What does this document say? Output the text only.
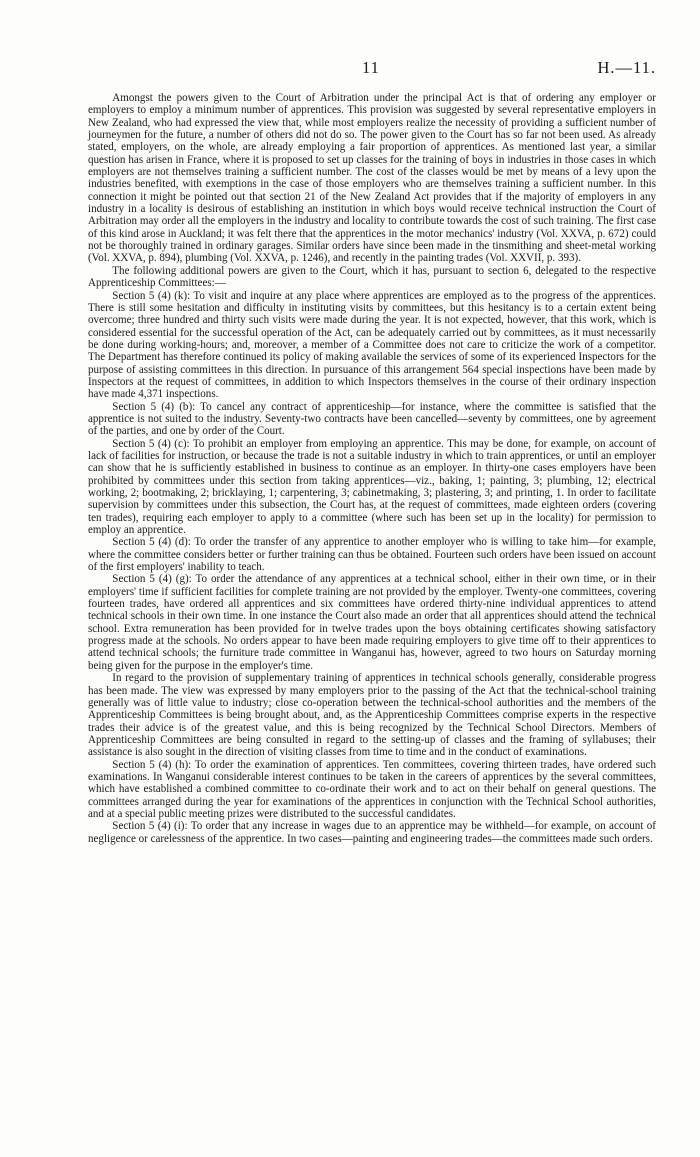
11	H.—11.

Amongst the powers given to the Court of Arbitration under the principal Act is that of ordering any employer or employers to employ a minimum number of apprentices. This provision was suggested by several representative employers in New Zealand, who had expressed the view that, while most employers realize the necessity of providing a sufficient number of journeymen for the future, a number of others did not do so. The power given to the Court has so far not been used. As already stated, employers, on the whole, are already employing a fair proportion of apprentices. As mentioned last year, a similar question has arisen in France, where it is proposed to set up classes for the training of boys in industries in those cases in which employers are not themselves training a sufficient number. The cost of the classes would be met by means of a levy upon the industries benefited, with exemptions in the case of those employers who are themselves training a sufficient number. In this connection it might be pointed out that section 21 of the New Zealand Act provides that if the majority of employers in any industry in a locality is desirous of establishing an institution in which boys would receive technical instruction the Court of Arbitration may order all the employers in the industry and locality to contribute towards the cost of such training. The first case of this kind arose in Auckland; it was felt there that the apprentices in the motor mechanics' industry (Vol. XXVA, p. 672) could not be thoroughly trained in ordinary garages. Similar orders have since been made in the tinsmithing and sheet-metal working (Vol. XXVA, p. 894), plumbing (Vol. XXVA, p. 1246), and recently in the painting trades (Vol. XXVII, p. 393).

The following additional powers are given to the Court, which it has, pursuant to section 6, delegated to the respective Apprenticeship Committees:—

Section 5 (4) (k): To visit and inquire at any place where apprentices are employed as to the progress of the apprentices. There is still some hesitation and difficulty in instituting visits by committees, but this hesitancy is to a certain extent being overcome; three hundred and thirty such visits were made during the year. It is not expected, however, that this work, which is considered essential for the successful operation of the Act, can be adequately carried out by committees, as it must necessarily be done during working-hours; and, moreover, a member of a Committee does not care to criticize the work of a competitor. The Department has therefore continued its policy of making available the services of some of its experienced Inspectors for the purpose of assisting committees in this direction. In pursuance of this arrangement 564 special inspections have been made by Inspectors at the request of committees, in addition to which Inspectors themselves in the course of their ordinary inspection have made 4,371 inspections.

Section 5 (4) (b): To cancel any contract of apprenticeship—for instance, where the committee is satisfied that the apprentice is not suited to the industry. Seventy-two contracts have been cancelled—seventy by committees, one by agreement of the parties, and one by order of the Court.

Section 5 (4) (c): To prohibit an employer from employing an apprentice. This may be done, for example, on account of lack of facilities for instruction, or because the trade is not a suitable industry in which to train apprentices, or until an employer can show that he is sufficiently established in business to continue as an employer. In thirty-one cases employers have been prohibited by committees under this section from taking apprentices—viz., baking, 1; painting, 3; plumbing, 12; electrical working, 2; bootmaking, 2; bricklaying, 1; carpentering, 3; cabinetmaking, 3; plastering, 3; and printing, 1. In order to facilitate supervision by committees under this subsection, the Court has, at the request of committees, made eighteen orders (covering ten trades), requiring each employer to apply to a committee (where such has been set up in the locality) for permission to employ an apprentice.

Section 5 (4) (d): To order the transfer of any apprentice to another employer who is willing to take him—for example, where the committee considers better or further training can thus be obtained. Fourteen such orders have been issued on account of the first employers' inability to teach.

Section 5 (4) (g): To order the attendance of any apprentices at a technical school, either in their own time, or in their employers' time if sufficient facilities for complete training are not provided by the employer. Twenty-one committees, covering fourteen trades, have ordered all apprentices and six committees have ordered thirty-nine individual apprentices to attend technical schools in their own time. In one instance the Court also made an order that all apprentices should attend the technical school. Extra remuneration has been provided for in twelve trades upon the boys obtaining certificates showing satisfactory progress made at the schools. No orders appear to have been made requiring employers to give time off to their apprentices to attend technical schools; the furniture trade committee in Wanganui has, however, agreed to two hours on Saturday morning being given for the purpose in the employer's time.

In regard to the provision of supplementary training of apprentices in technical schools generally, considerable progress has been made. The view was expressed by many employers prior to the passing of the Act that the technical-school training generally was of little value to industry; close co-operation between the technical-school authorities and the members of the Apprenticeship Committees is being brought about, and, as the Apprenticeship Committees comprise experts in the respective trades their advice is of the greatest value, and this is being recognized by the Technical School Directors. Members of Apprenticeship Committees are being consulted in regard to the setting-up of classes and the framing of syllabuses; their assistance is also sought in the direction of visiting classes from time to time and in the conduct of examinations.

Section 5 (4) (h): To order the examination of apprentices. Ten committees, covering thirteen trades, have ordered such examinations. In Wanganui considerable interest continues to be taken in the careers of apprentices by the several committees, which have established a combined committee to co-ordinate their work and to act on their behalf on general questions. The committees arranged during the year for examinations of the apprentices in conjunction with the Technical School authorities, and at a special public meeting prizes were distributed to the successful candidates.

Section 5 (4) (i): To order that any increase in wages due to an apprentice may be withheld—for example, on account of negligence or carelessness of the apprentice. In two cases—painting and engineering trades—the committees made such orders.
